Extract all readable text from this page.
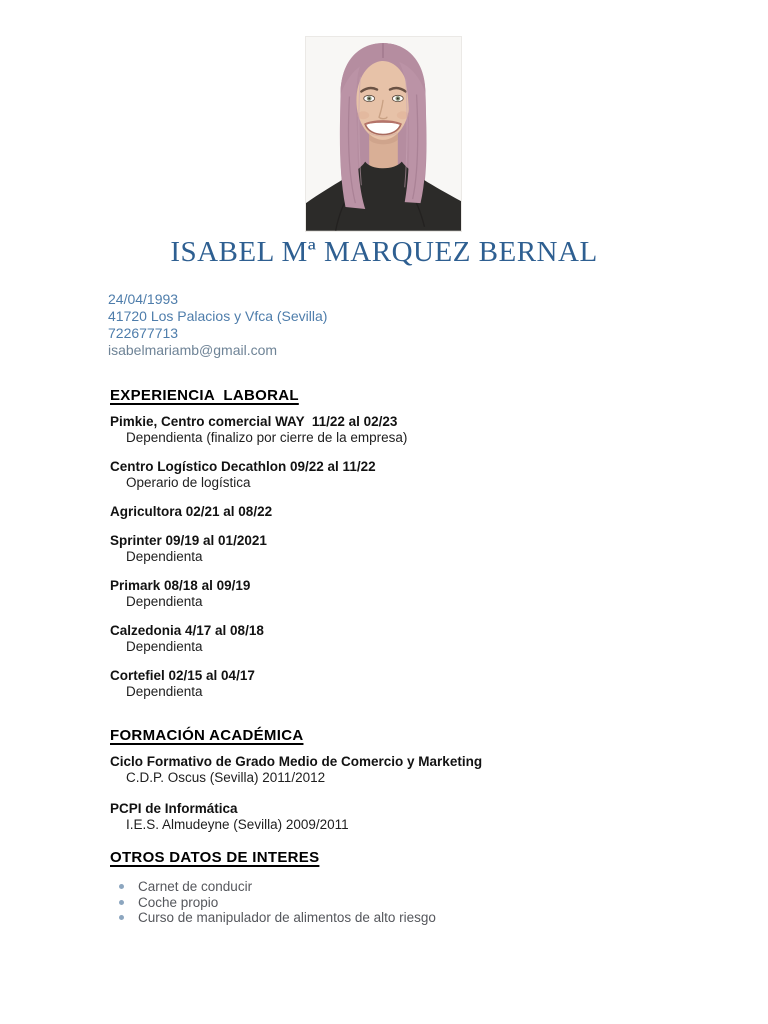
ISABEL Mª MARQUEZ BERNAL
24/04/1993
41720 Los Palacios y Vfca (Sevilla)
722677713
isabelmariamb@gmail.com
EXPERIENCIA  LABORAL
Pimkie, Centro comercial WAY  11/22 al 02/23
Dependienta (finalizo por cierre de la empresa)
Centro Logístico Decathlon 09/22 al 11/22
Operario de logística
Agricultora 02/21 al 08/22
Sprinter 09/19 al 01/2021
Dependienta
Primark 08/18 al 09/19
Dependienta
Calzedonia 4/17 al 08/18
Dependienta
Cortefiel 02/15 al 04/17
Dependienta
FORMACIÓN ACADÉMICA
Ciclo Formativo de Grado Medio de Comercio y Marketing
C.D.P. Oscus (Sevilla) 2011/2012
PCPI de Informática
I.E.S. Almudeyne (Sevilla) 2009/2011
OTROS DATOS DE INTERES
Carnet de conducir
Coche propio
Curso de manipulador de alimentos de alto riesgo
